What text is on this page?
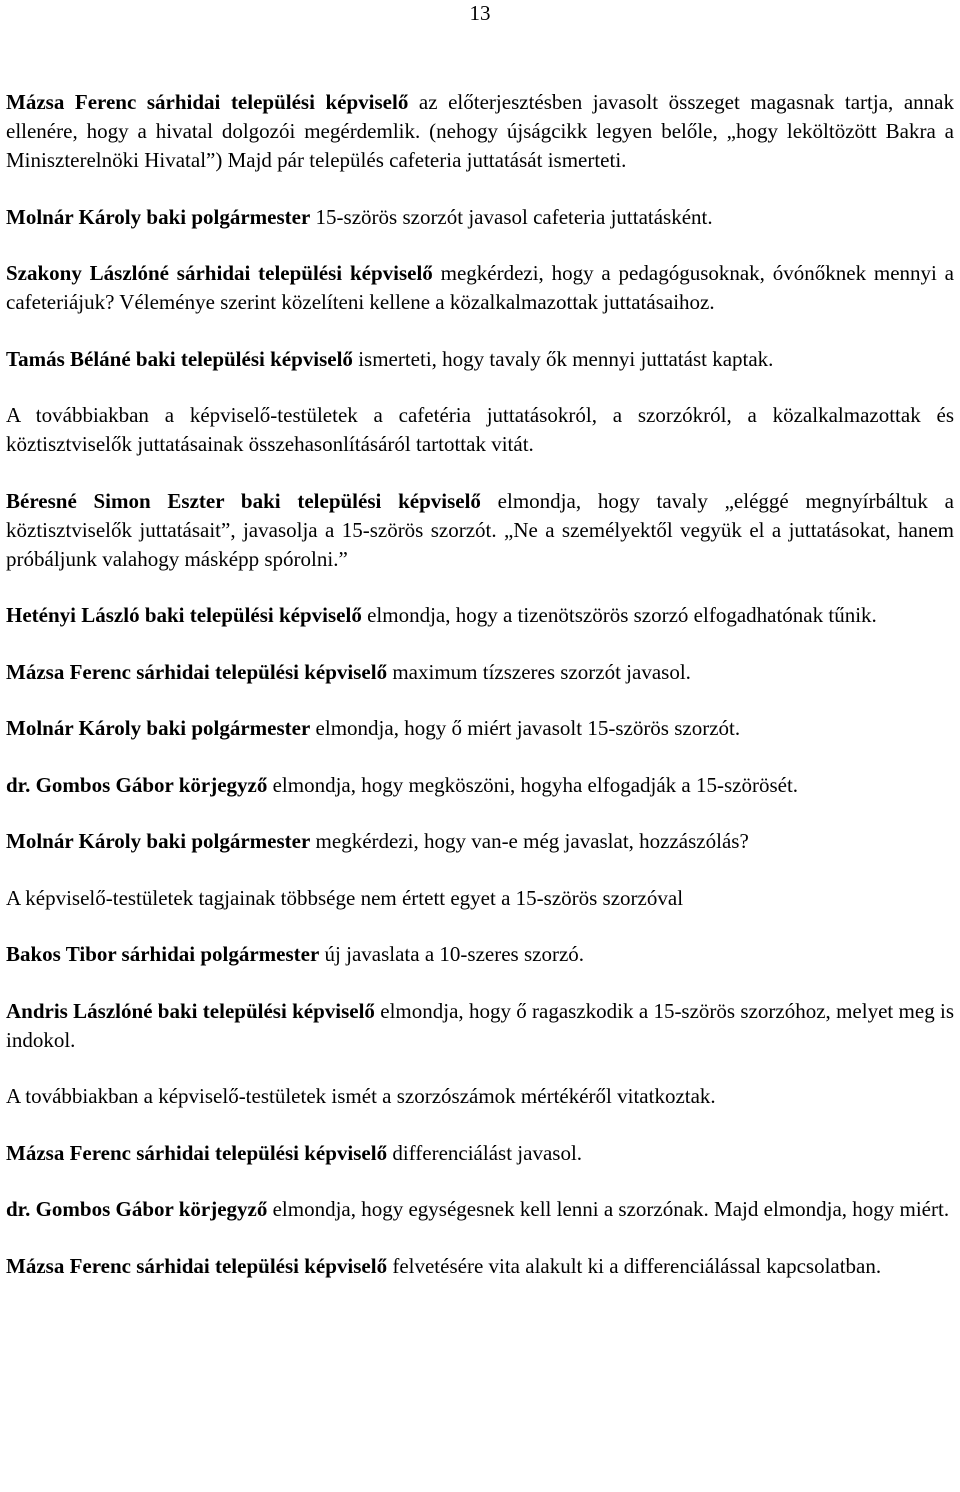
13

Mázsa Ferenc sárhidai települési képviselő az előterjesztésben javasolt összeget magasnak tartja, annak ellenére, hogy a hivatal dolgozói megérdemlik. (nehogy újságcikk legyen belőle, „hogy leköltözött Bakra a Miniszterelnöki Hivatal”) Majd pár település cafeteria juttatását ismerteti.

Molnár Károly baki polgármester 15-szörös szorzót javasol cafeteria juttatásként.

Szakony Lászlóné sárhidai települési képviselő megkérdezi, hogy a pedagógusoknak, óvónőknek mennyi a cafeteriájuk? Véleménye szerint közelíteni kellene a közalkalmazottak juttatásaihoz.

Tamás Béláné baki települési képviselő ismerteti, hogy tavaly ők mennyi juttatást kaptak.

A továbbiakban a képviselő-testületek a cafetéria juttatásokról, a szorzókról, a közalkalmazottak és köztisztviselők juttatásainak összehasonlításáról tartottak vitát.

Béresné Simon Eszter baki települési képviselő elmondja, hogy tavaly „eléggé megnyírbáltuk a köztisztviselők juttatásait”, javasolja a 15-szörös szorzót. „Ne a személyektől vegyük el a juttatásokat, hanem próbáljunk valahogy másképp spórolni.”

Hetényi László baki települési képviselő elmondja, hogy a tizenötszörös szorzó elfogadhatónak tűnik.

Mázsa Ferenc sárhidai települési képviselő maximum tízszeres szorzót javasol.

Molnár Károly baki polgármester elmondja, hogy ő miért javasolt 15-szörös szorzót.

dr. Gombos Gábor körjegyző elmondja, hogy megköszöni, hogyha elfogadják a 15-szörösét.

Molnár Károly baki polgármester megkérdezi, hogy van-e még javaslat, hozzászólás?

A képviselő-testületek tagjainak többsége nem értett egyet a 15-szörös szorzóval

Bakos Tibor sárhidai polgármester új javaslata a 10-szeres szorzó.

Andris Lászlóné baki települési képviselő elmondja, hogy ő ragaszkodik a 15-szörös szorzóhoz, melyet meg is indokol.

A továbbiakban a képviselő-testületek ismét a szorzószámok mértékéről vitatkoztak.

Mázsa Ferenc sárhidai települési képviselő differenciálást javasol.

dr. Gombos Gábor körjegyző elmondja, hogy egységesnek kell lenni a szorzónak. Majd elmondja, hogy miért.

Mázsa Ferenc sárhidai települési képviselő felvetésére vita alakult ki a differenciálással kapcsolatban.
